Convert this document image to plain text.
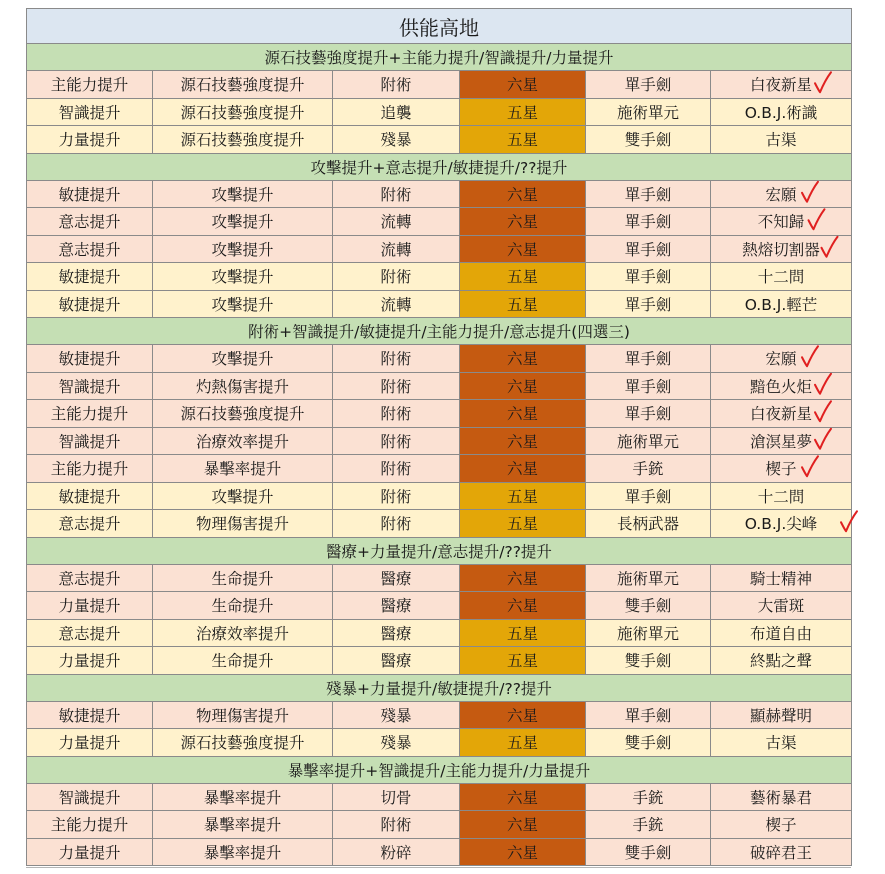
供能高地					
源石技藝強度提升+主能力提升/智識提升/力量提升					
主能力提升	源石技藝強度提升	附術	六星	單手劍	白夜新星
智識提升	源石技藝強度提升	追襲	五星	施術單元	O.B.J.術識
力量提升	源石技藝強度提升	殘暴	五星	雙手劍	古渠
攻擊提升+意志提升/敏捷提升/??提升					
敏捷提升	攻擊提升	附術	六星	單手劍	宏願
意志提升	攻擊提升	流轉	六星	單手劍	不知歸
意志提升	攻擊提升	流轉	六星	單手劍	熱熔切割器
敏捷提升	攻擊提升	附術	五星	單手劍	十二問
敏捷提升	攻擊提升	流轉	五星	單手劍	O.B.J.輕芒
附術+智識提升/敏捷提升/主能力提升/意志提升(四選三)					
敏捷提升	攻擊提升	附術	六星	單手劍	宏願
智識提升	灼熱傷害提升	附術	六星	單手劍	黯色火炬
主能力提升	源石技藝強度提升	附術	六星	單手劍	白夜新星
智識提升	治療效率提升	附術	六星	施術單元	滄溟星夢
主能力提升	暴擊率提升	附術	六星	手銃	楔子
敏捷提升	攻擊提升	附術	五星	單手劍	十二問
意志提升	物理傷害提升	附術	五星	長柄武器	O.B.J.尖峰
醫療+力量提升/意志提升/??提升					
意志提升	生命提升	醫療	六星	施術單元	騎士精神
力量提升	生命提升	醫療	六星	雙手劍	大雷斑
意志提升	治療效率提升	醫療	五星	施術單元	布道自由
力量提升	生命提升	醫療	五星	雙手劍	終點之聲
殘暴+力量提升/敏捷提升/??提升					
敏捷提升	物理傷害提升	殘暴	六星	單手劍	顯赫聲明
力量提升	源石技藝強度提升	殘暴	五星	雙手劍	古渠
暴擊率提升+智識提升/主能力提升/力量提升					
智識提升	暴擊率提升	切骨	六星	手銃	藝術暴君
主能力提升	暴擊率提升	附術	六星	手銃	楔子
力量提升	暴擊率提升	粉碎	六星	雙手劍	破碎君王
